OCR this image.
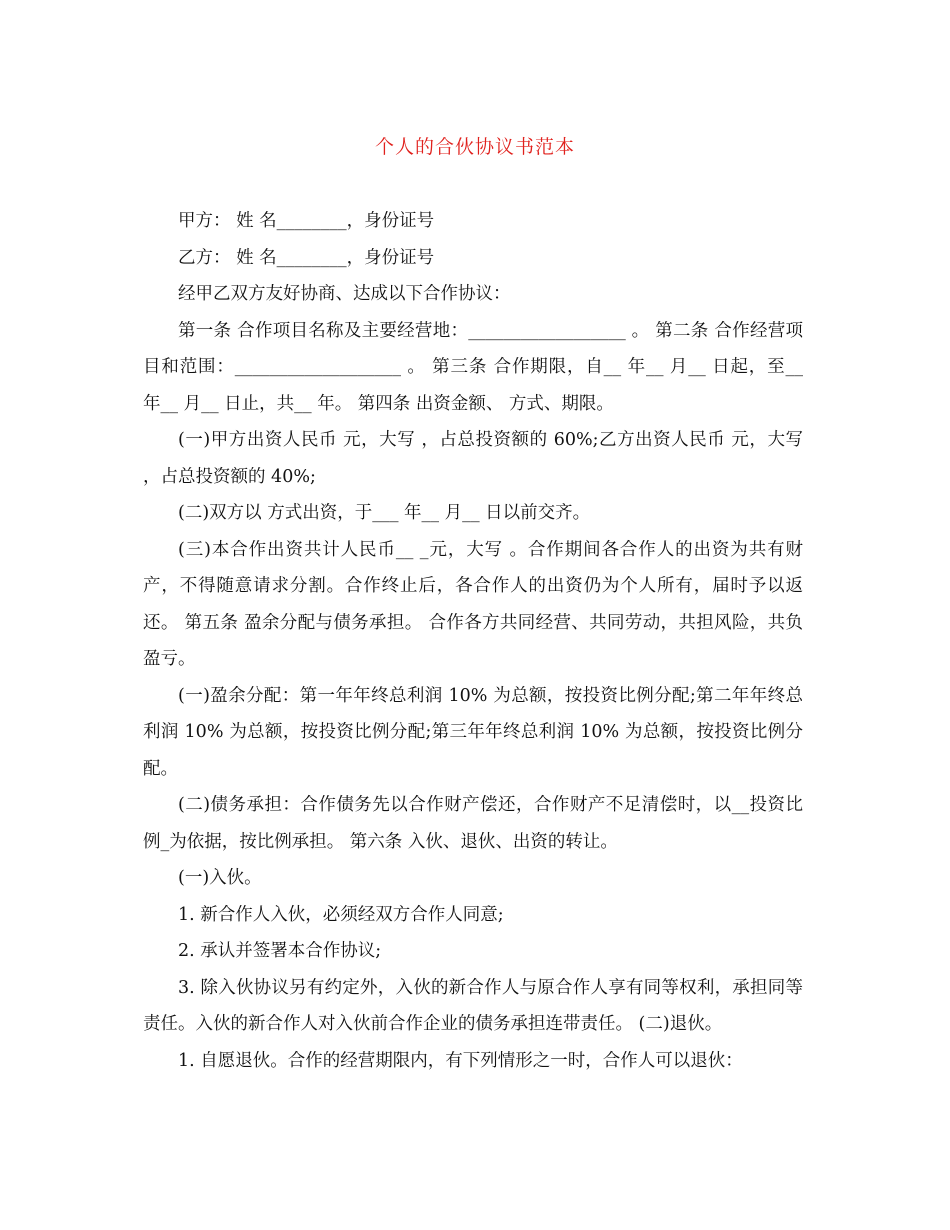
个人的合伙协议书范本

甲方： 姓 名________，身份证号

乙方： 姓 名________，身份证号

经甲乙双方友好协商、达成以下合作协议：

第一条 合作项目名称及主要经营地：__________________ 。 第二条 合作经营项目和范围：___________________ 。 第三条 合作期限，自__ 年__ 月__ 日起，至__ 年__ 月__ 日止，共__ 年。 第四条 出资金额、 方式、期限。

(一)甲方出资人民币 元，大写 ，占总投资额的 60%;乙方出资人民币 元，大写 ，占总投资额的 40%;

(二)双方以 方式出资，于___ 年__ 月__ 日以前交齐。

(三)本合作出资共计人民币__ _元，大写 。合作期间各合作人的出资为共有财产，不得随意请求分割。合作终止后，各合作人的出资仍为个人所有，届时予以返还。 第五条 盈余分配与债务承担。 合作各方共同经营、共同劳动，共担风险，共负盈亏。

(一)盈余分配：第一年年终总利润 10% 为总额，按投资比例分配;第二年年终总利润 10% 为总额，按投资比例分配;第三年年终总利润 10% 为总额，按投资比例分配。

(二)债务承担：合作债务先以合作财产偿还，合作财产不足清偿时，以__投资比例_为依据，按比例承担。 第六条 入伙、退伙、出资的转让。

(一)入伙。

1. 新合作人入伙，必须经双方合作人同意;

2. 承认并签署本合作协议;

3. 除入伙协议另有约定外，入伙的新合作人与原合作人享有同等权利，承担同等责任。入伙的新合作人对入伙前合作企业的债务承担连带责任。 (二)退伙。

1. 自愿退伙。合作的经营期限内，有下列情形之一时，合作人可以退伙：
